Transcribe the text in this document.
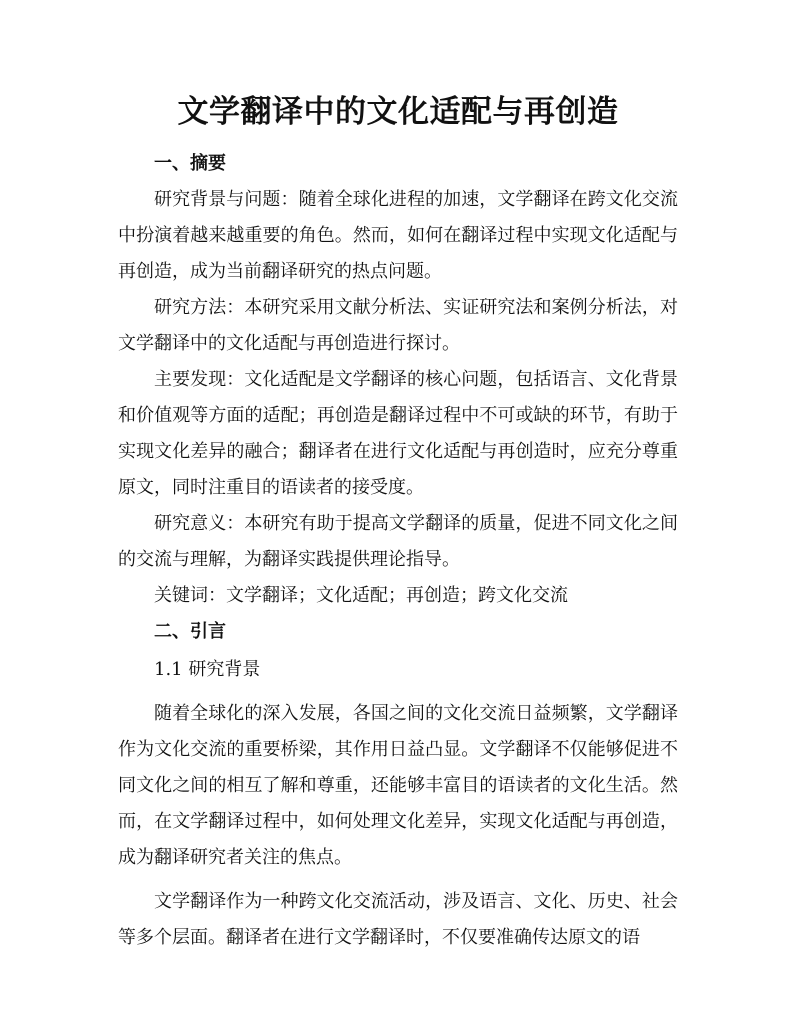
文学翻译中的文化适配与再创造
一、摘要

研究背景与问题：随着全球化进程的加速，文学翻译在跨文化交流中扮演着越来越重要的角色。然而，如何在翻译过程中实现文化适配与再创造，成为当前翻译研究的热点问题。

研究方法：本研究采用文献分析法、实证研究法和案例分析法，对文学翻译中的文化适配与再创造进行探讨。

主要发现：文化适配是文学翻译的核心问题，包括语言、文化背景和价值观等方面的适配；再创造是翻译过程中不可或缺的环节，有助于实现文化差异的融合；翻译者在进行文化适配与再创造时，应充分尊重原文，同时注重目的语读者的接受度。

研究意义：本研究有助于提高文学翻译的质量，促进不同文化之间的交流与理解，为翻译实践提供理论指导。

关键词：文学翻译；文化适配；再创造；跨文化交流

二、引言

1.1 研究背景

随着全球化的深入发展，各国之间的文化交流日益频繁，文学翻译作为文化交流的重要桥梁，其作用日益凸显。文学翻译不仅能够促进不同文化之间的相互了解和尊重，还能够丰富目的语读者的文化生活。然而，在文学翻译过程中，如何处理文化差异，实现文化适配与再创造，成为翻译研究者关注的焦点。

文学翻译作为一种跨文化交流活动，涉及语言、文化、历史、社会等多个层面。翻译者在进行文学翻译时，不仅要准确传达原文的语
